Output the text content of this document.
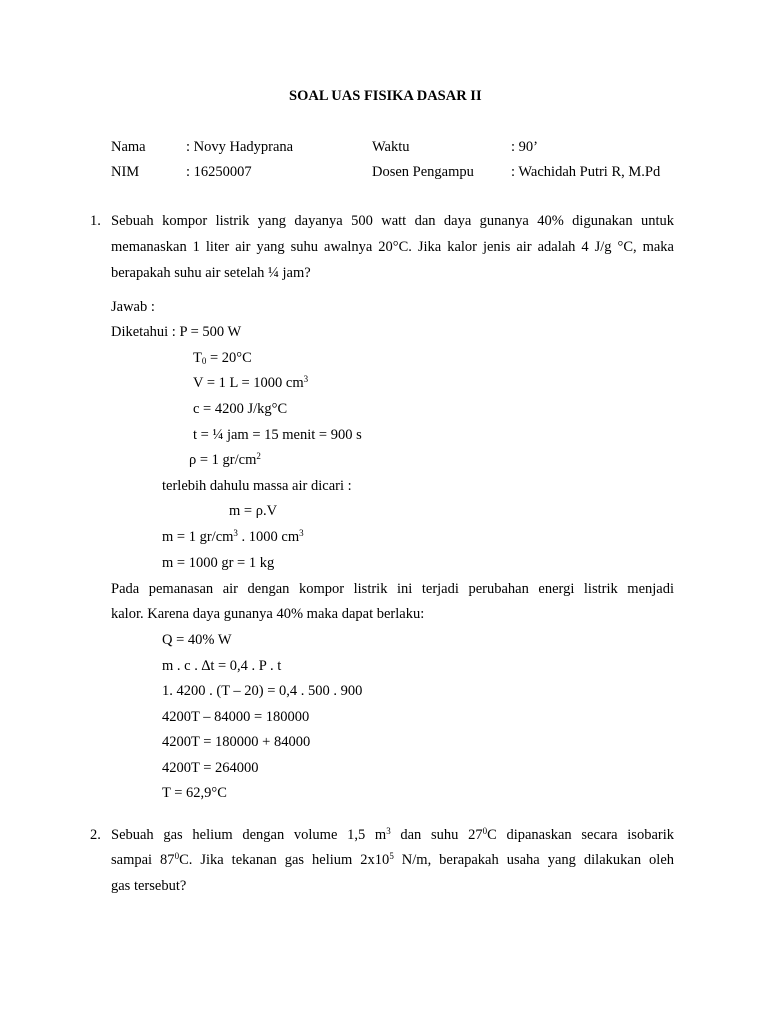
SOAL UAS FISIKA DASAR II
Nama	: Novy Hadyprana	Waktu	: 90’
NIM	: 16250007	Dosen Pengampu	: Wachidah Putri R, M.Pd
1. Sebuah kompor listrik yang dayanya 500 watt dan daya gunanya 40% digunakan untuk
memanaskan 1 liter air yang suhu awalnya 20°C. Jika kalor jenis air adalah 4 J/g °C, maka
berapakah suhu air setelah ¼ jam?
Jawab :
Diketahui : P = 500 W
$T_0 = 20^\circ C$
V = 1 L = 1000 $cm^3$
c = 4200 J/kg°C
t = ¼ jam = 15 menit = 900 s
ρ = 1 $gr/cm^2$
terlebih dahulu massa air dicari :
m = ρ.V
m = 1 $gr/cm^3$ . 1000 $cm^3$
m = 1000 gr = 1 kg
Pada pemanasan air dengan kompor listrik ini terjadi perubahan energi listrik menjadi
kalor. Karena daya gunanya 40% maka dapat berlaku:
Q = 40% W
m . c . ∆t = 0,4 . P . t
1. 4200 . (T – 20) = 0,4 . 500 . 900
4200T – 84000 = 180000
4200T = 180000 + 84000
4200T = 264000
T = 62,9°C
2. Sebuah gas helium dengan volume 1,5 $m^3$ dan suhu $27^0C$ dipanaskan secara isobarik
sampai $87^0C$. Jika tekanan gas helium $2x10^5$ N/m, berapakah usaha yang dilakukan oleh
gas tersebut?
